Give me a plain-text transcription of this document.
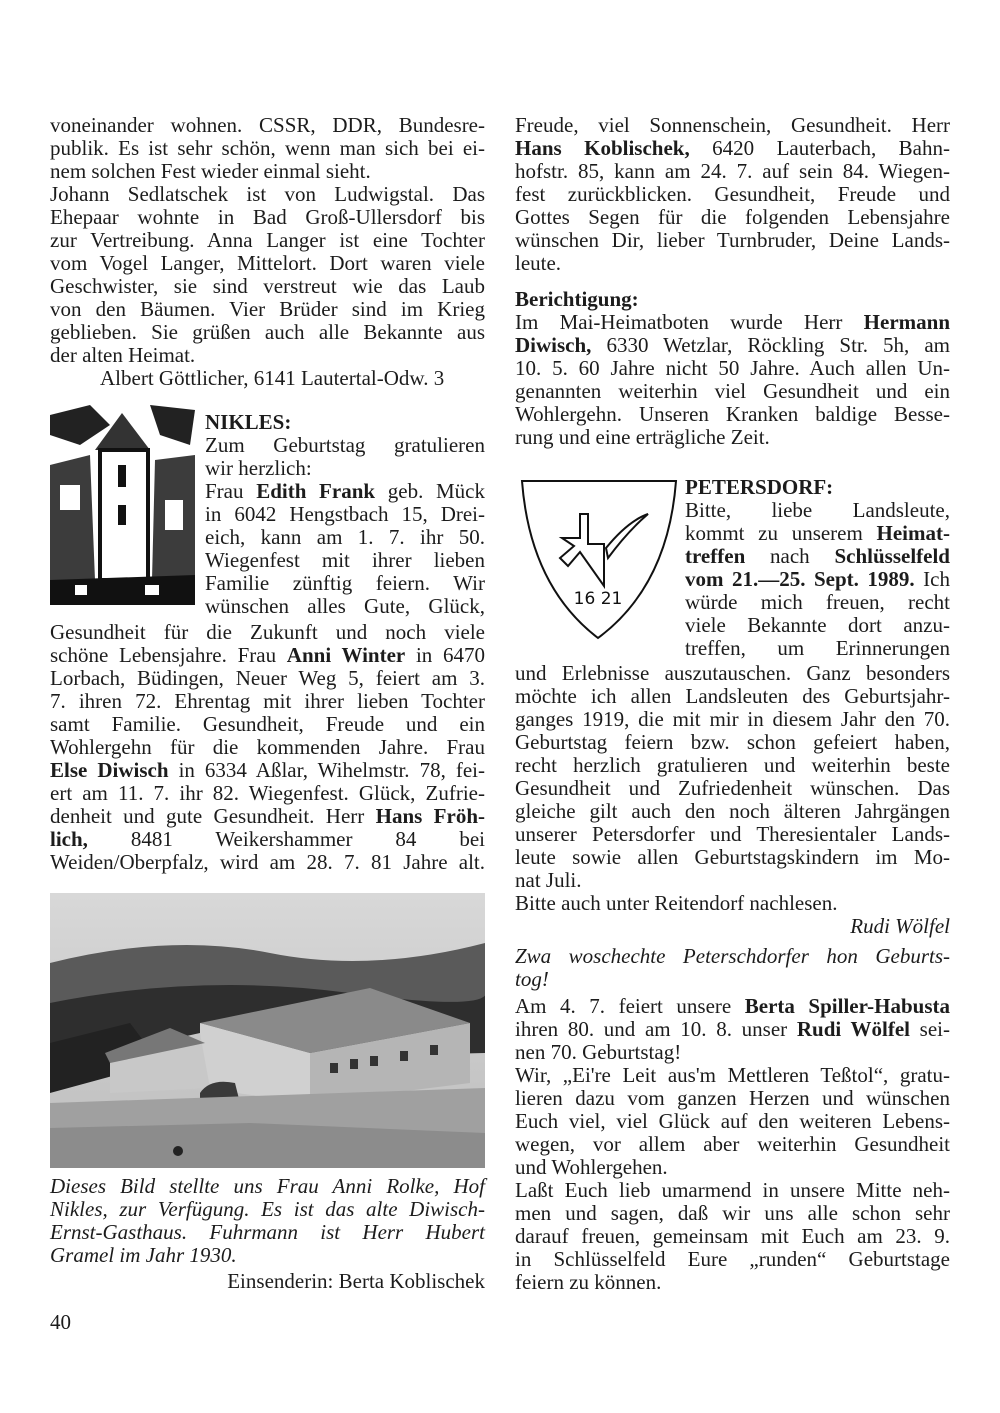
voneinander wohnen. CSSR, DDR, Bundesre-
publik. Es ist sehr schön, wenn man sich bei ei-
nem solchen Fest wieder einmal sieht.
Johann Sedlatschek ist von Ludwigstal. Das
Ehepaar wohnte in Bad Groß-Ullersdorf bis
zur Vertreibung. Anna Langer ist eine Tochter
vom Vogel Langer, Mittelort. Dort waren viele
Geschwister, sie sind verstreut wie das Laub
von den Bäumen. Vier Brüder sind im Krieg
geblieben. Sie grüßen auch alle Bekannte aus
der alten Heimat.
Albert Göttlicher, 6141 Lautertal-Odw. 3
NIKLES:
Zum Geburtstag gratulieren
wir herzlich:
Frau Edith Frank geb. Mück
in 6042 Hengstbach 15, Drei-
eich, kann am 1. 7. ihr 50.
Wiegenfest mit ihrer lieben
Familie zünftig feiern. Wir
wünschen alles Gute, Glück,
Gesundheit für die Zukunft und noch viele
schöne Lebensjahre. Frau Anni Winter in 6470
Lorbach, Büdingen, Neuer Weg 5, feiert am 3.
7. ihren 72. Ehrentag mit ihrer lieben Tochter
samt Familie. Gesundheit, Freude und ein
Wohlergehn für die kommenden Jahre. Frau
Else Diwisch in 6334 Aßlar, Wihelmstr. 78, fei-
ert am 11. 7. ihr 82. Wiegenfest. Glück, Zufrie-
denheit und gute Gesundheit. Herr Hans Fröh-
lich, 8481 Weikershammer 84 bei
Weiden/Oberpfalz, wird am 28. 7. 81 Jahre alt.
Dieses Bild stellte uns Frau Anni Rolke, Hof
Nikles, zur Verfügung. Es ist das alte Diwisch-
Ernst-Gasthaus. Fuhrmann ist Herr Hubert
Gramel im Jahr 1930.
Einsenderin: Berta Koblischek
40
Freude, viel Sonnenschein, Gesundheit. Herr
Hans Koblischek, 6420 Lauterbach, Bahn-
hofstr. 85, kann am 24. 7. auf sein 84. Wiegen-
fest zurückblicken. Gesundheit, Freude und
Gottes Segen für die folgenden Lebensjahre
wünschen Dir, lieber Turnbruder, Deine Lands-
leute.
Berichtigung:
Im Mai-Heimatboten wurde Herr Hermann
Diwisch, 6330 Wetzlar, Röckling Str. 5h, am
10. 5. 60 Jahre nicht 50 Jahre. Auch allen Un-
genannten weiterhin viel Gesundheit und ein
Wohlergehn. Unseren Kranken baldige Besse-
rung und eine erträgliche Zeit.
16 21
PETERSDORF:
Bitte, liebe Landsleute,
kommt zu unserem Heimat-
treffen nach Schlüsselfeld
vom 21.—25. Sept. 1989. Ich
würde mich freuen, recht
viele Bekannte dort anzu-
treffen, um Erinnerungen
und Erlebnisse auszutauschen. Ganz besonders
möchte ich allen Landsleuten des Geburtsjahr-
ganges 1919, die mit mir in diesem Jahr den 70.
Geburtstag feiern bzw. schon gefeiert haben,
recht herzlich gratulieren und weiterhin beste
Gesundheit und Zufriedenheit wünschen. Das
gleiche gilt auch den noch älteren Jahrgängen
unserer Petersdorfer und Theresientaler Lands-
leute sowie allen Geburtstagskindern im Mo-
nat Juli.
Bitte auch unter Reitendorf nachlesen.
Rudi Wölfel
Zwa woschechte Peterschdorfer hon Geburts-
tog!
Am 4. 7. feiert unsere Berta Spiller-Habusta
ihren 80. und am 10. 8. unser Rudi Wölfel sei-
nen 70. Geburtstag!
Wir, „Ei're Leit aus'm Mettleren Teßtol“, gratu-
lieren dazu vom ganzen Herzen und wünschen
Euch viel, viel Glück auf den weiteren Lebens-
wegen, vor allem aber weiterhin Gesundheit
und Wohlergehen.
Laßt Euch lieb umarmend in unsere Mitte neh-
men und sagen, daß wir uns alle schon sehr
darauf freuen, gemeinsam mit Euch am 23. 9.
in Schlüsselfeld Eure „runden“ Geburtstage
feiern zu können.
